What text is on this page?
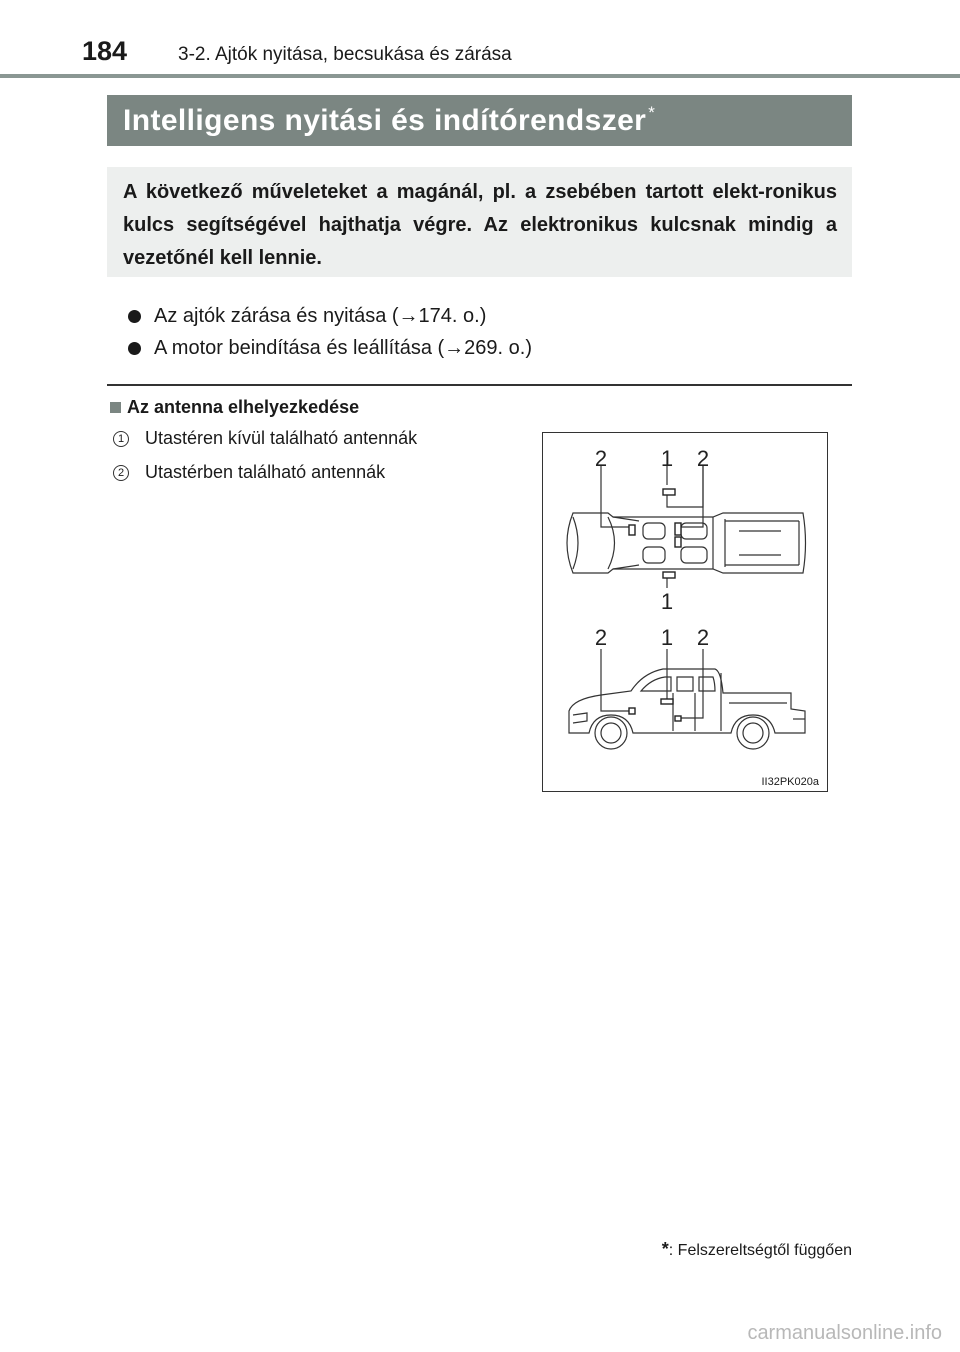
184	3-2. Ajtók nyitása, becsukása és zárása
Intelligens nyitási és indítórendszer *
A következő műveleteket a magánál, pl. a zsebében tartott elekt-ronikus kulcs segítségével hajthatja végre. Az elektronikus kulcsnak mindig a vezetőnél kell lennie.
Az ajtók zárása és nyitása (→174. o.)
A motor beindítása és leállítása (→269. o.)
Az antenna elhelyezkedése
1 Utastéren kívül található antennák
2 Utastérben található antennák
2 1 2
1
2 1 2
II32PK020a
*: Felszereltségtől függően
carmanualsonline.info
